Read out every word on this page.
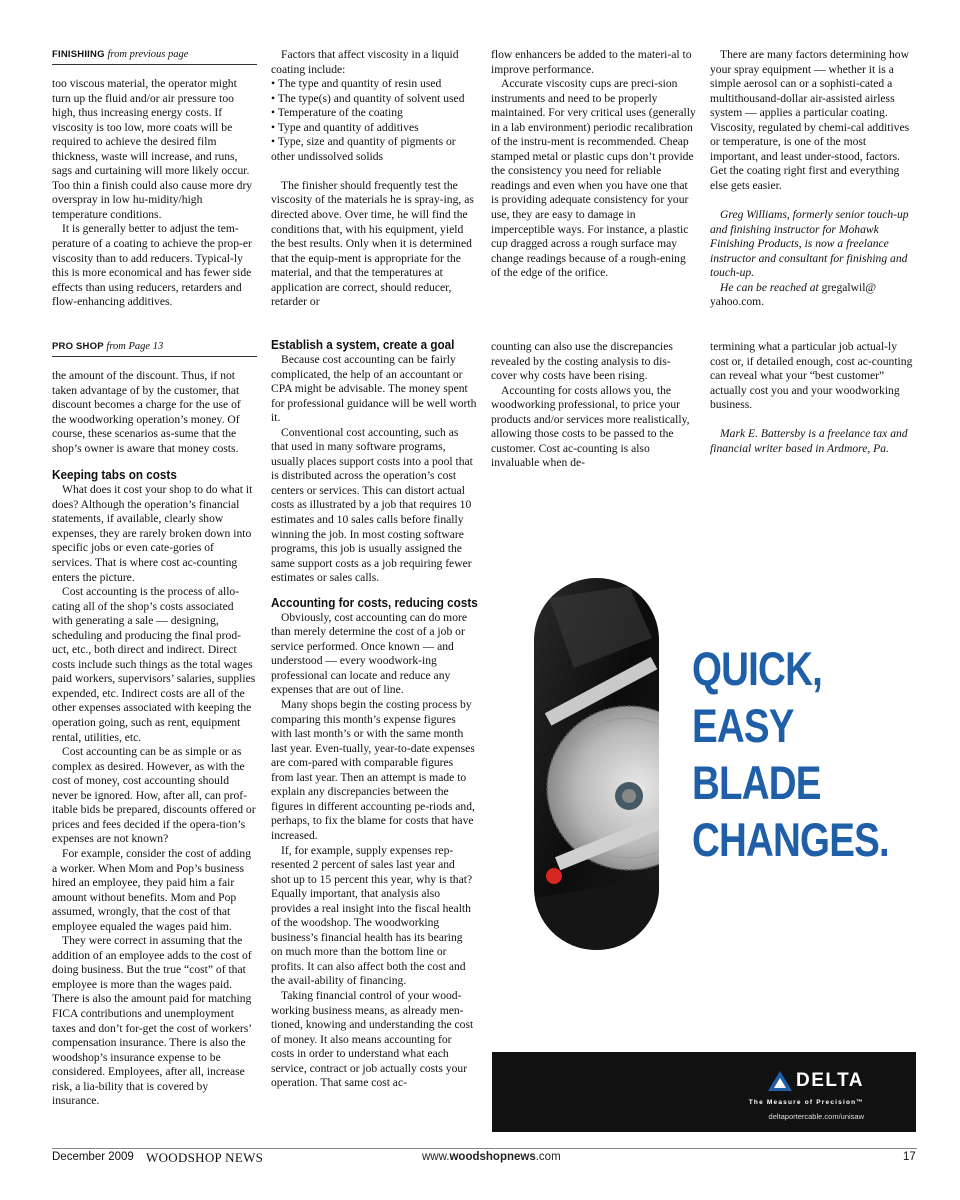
FINISHIING from previous page

too viscous material, the operator might turn up the fluid and/or air pressure too high, thus increasing energy costs. If viscosity is too low, more coats will be required to achieve the desired film thickness, waste will increase, and runs, sags and curtaining will more likely occur. Too thin a finish could also cause more dry overspray in low hu-midity/high temperature conditions.

It is generally better to adjust the tem-perature of a coating to achieve the prop-er viscosity than to add reducers. Typical-ly this is more economical and has fewer side effects than using reducers, retarders and flow-enhancing additives.

Factors that affect viscosity in a liquid coating include:

• The type and quantity of resin used

• The type(s) and quantity of solvent used

• Temperature of the coating

• Type and quantity of additives

• Type, size and quantity of pigments or other undissolved solids

The finisher should frequently test the viscosity of the materials he is spray-ing, as directed above. Over time, he will find the conditions that, with his equipment, yield the best results. Only when it is determined that the equip-ment is appropriate for the material, and that the temperatures at application are correct, should reducer, retarder or

flow enhancers be added to the materi-al to improve performance.

Accurate viscosity cups are preci-sion instruments and need to be properly maintained. For very critical uses (generally in a lab environment) periodic recalibration of the instru-ment is recommended. Cheap stamped metal or plastic cups don’t provide the consistency you need for reliable readings and even when you have one that is providing adequate consistency for your use, they are easy to damage in imperceptible ways. For instance, a plastic cup dragged across a rough surface may change readings because of a rough-ening of the edge of the orifice.

There are many factors determining how your spray equipment — whether it is a simple aerosol can or a sophisti-cated a multithousand-dollar air-assisted airless system — applies a particular coating. Viscosity, regulated by chemi-cal additives or temperature, is one of the most important, and least under-stood, factors. Get the coating right first and everything else gets easier.

Greg Williams, formerly senior touch-up and finishing instructor for Mohawk Finishing Products, is now a freelance instructor and consultant for finishing and touch-up.

He can be reached at gregalwil@ yahoo.com.

PRO SHOP from Page 13

the amount of the discount. Thus, if not taken advantage of by the customer, that discount becomes a charge for the use of the woodworking operation’s money. Of course, these scenarios as-sume that the shop’s owner is aware that money costs.

Keeping tabs on costs

What does it cost your shop to do what it does? Although the operation’s financial statements, if available, clearly show expenses, they are rarely broken down into specific jobs or even cate-gories of services. That is where cost ac-counting enters the picture.

Cost accounting is the process of allo-cating all of the shop’s costs associated with generating a sale — designing, scheduling and producing the final prod-uct, etc., both direct and indirect. Direct costs include such things as the total wages paid workers, supervisors’ salaries, supplies expended, etc. Indirect costs are all of the other expenses associated with keeping the operation going, such as rent, equipment rental, utilities, etc.

Cost accounting can be as simple or as complex as desired. However, as with the cost of money, cost accounting should never be ignored. How, after all, can prof-itable bids be prepared, discounts offered or prices and fees decided if the opera-tion’s expenses are not known?

For example, consider the cost of adding a worker. When Mom and Pop’s business hired an employee, they paid him a fair amount without benefits. Mom and Pop assumed, wrongly, that the cost of that employee equaled the wages paid him.

They were correct in assuming that the addition of an employee adds to the cost of doing business. But the true “cost” of that employee is more than the wages paid. There is also the amount paid for matching FICA contributions and unemployment taxes and don’t for-get the cost of workers’ compensation insurance. There is also the woodshop’s insurance expense to be considered. Employees, after all, increase risk, a lia-bility that is covered by insurance.

Establish a system, create a goal

Because cost accounting can be fairly complicated, the help of an accountant or CPA might be advisable. The money spent for professional guidance will be well worth it.

Conventional cost accounting, such as that used in many software programs, usually places support costs into a pool that is distributed across the operation’s cost centers or services. This can distort actual costs as illustrated by a job that requires 10 estimates and 10 sales calls before finally winning the job. In most costing software programs, this job is usually assigned the same support costs as a job requiring fewer estimates or sales calls.

Accounting for costs, reducing costs

Obviously, cost accounting can do more than merely determine the cost of a job or service performed. Once known — and understood — every woodwork-ing professional can locate and reduce any expenses that are out of line.

Many shops begin the costing process by comparing this month’s expense figures with last month’s or with the same month last year. Even-tually, year-to-date expenses are com-pared with comparable figures from last year. Then an attempt is made to explain any discrepancies between the figures in different accounting pe-riods and, perhaps, to fix the blame for costs that have increased.

If, for example, supply expenses rep-resented 2 percent of sales last year and shot up to 15 percent this year, why is that? Equally important, that analysis also provides a real insight into the fiscal health of the woodshop. The woodworking business’s financial health has its bearing on much more than the bottom line or profits. It can also affect both the cost and the avail-ability of financing.

Taking financial control of your wood-working business means, as already men-tioned, knowing and understanding the cost of money. It also means accounting for costs in order to understand what each service, contract or job actually costs your operation. That same cost ac-

counting can also use the discrepancies revealed by the costing analysis to dis-cover why costs have been rising.

Accounting for costs allows you, the woodworking professional, to price your products and/or services more realistically, allowing those costs to be passed to the customer. Cost ac-counting is also invaluable when de-

termining what a particular job actual-ly cost or, if detailed enough, cost ac-counting can reveal what your “best customer” actually cost you and your woodworking business.

Mark E. Battersby is a freelance tax and financial writer based in Ardmore, Pa.

QUICK,
EASY
BLADE
CHANGES.
DELTA
The Measure of Precision™
deltaportercable.com/unisaw
December 2009 WOODSHOP NEWS	www.woodshopnews.com	17
